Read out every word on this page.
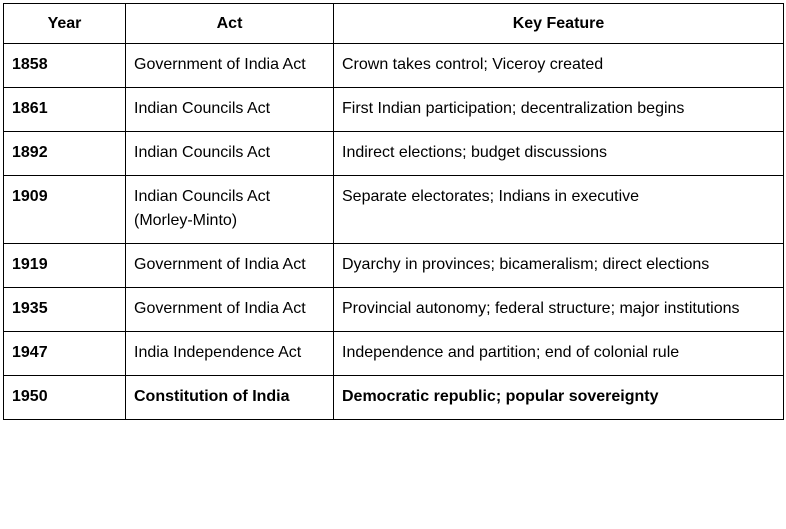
Year	Act	Key Feature
1858	Government of India Act	Crown takes control; Viceroy created
1861	Indian Councils Act	First Indian participation; decentralization begins
1892	Indian Councils Act	Indirect elections; budget discussions
1909	Indian Councils Act (Morley-Minto)	Separate electorates; Indians in executive
1919	Government of India Act	Dyarchy in provinces; bicameralism; direct elections
1935	Government of India Act	Provincial autonomy; federal structure; major institutions
1947	India Independence Act	Independence and partition; end of colonial rule
1950	Constitution of India	Democratic republic; popular sovereignty
